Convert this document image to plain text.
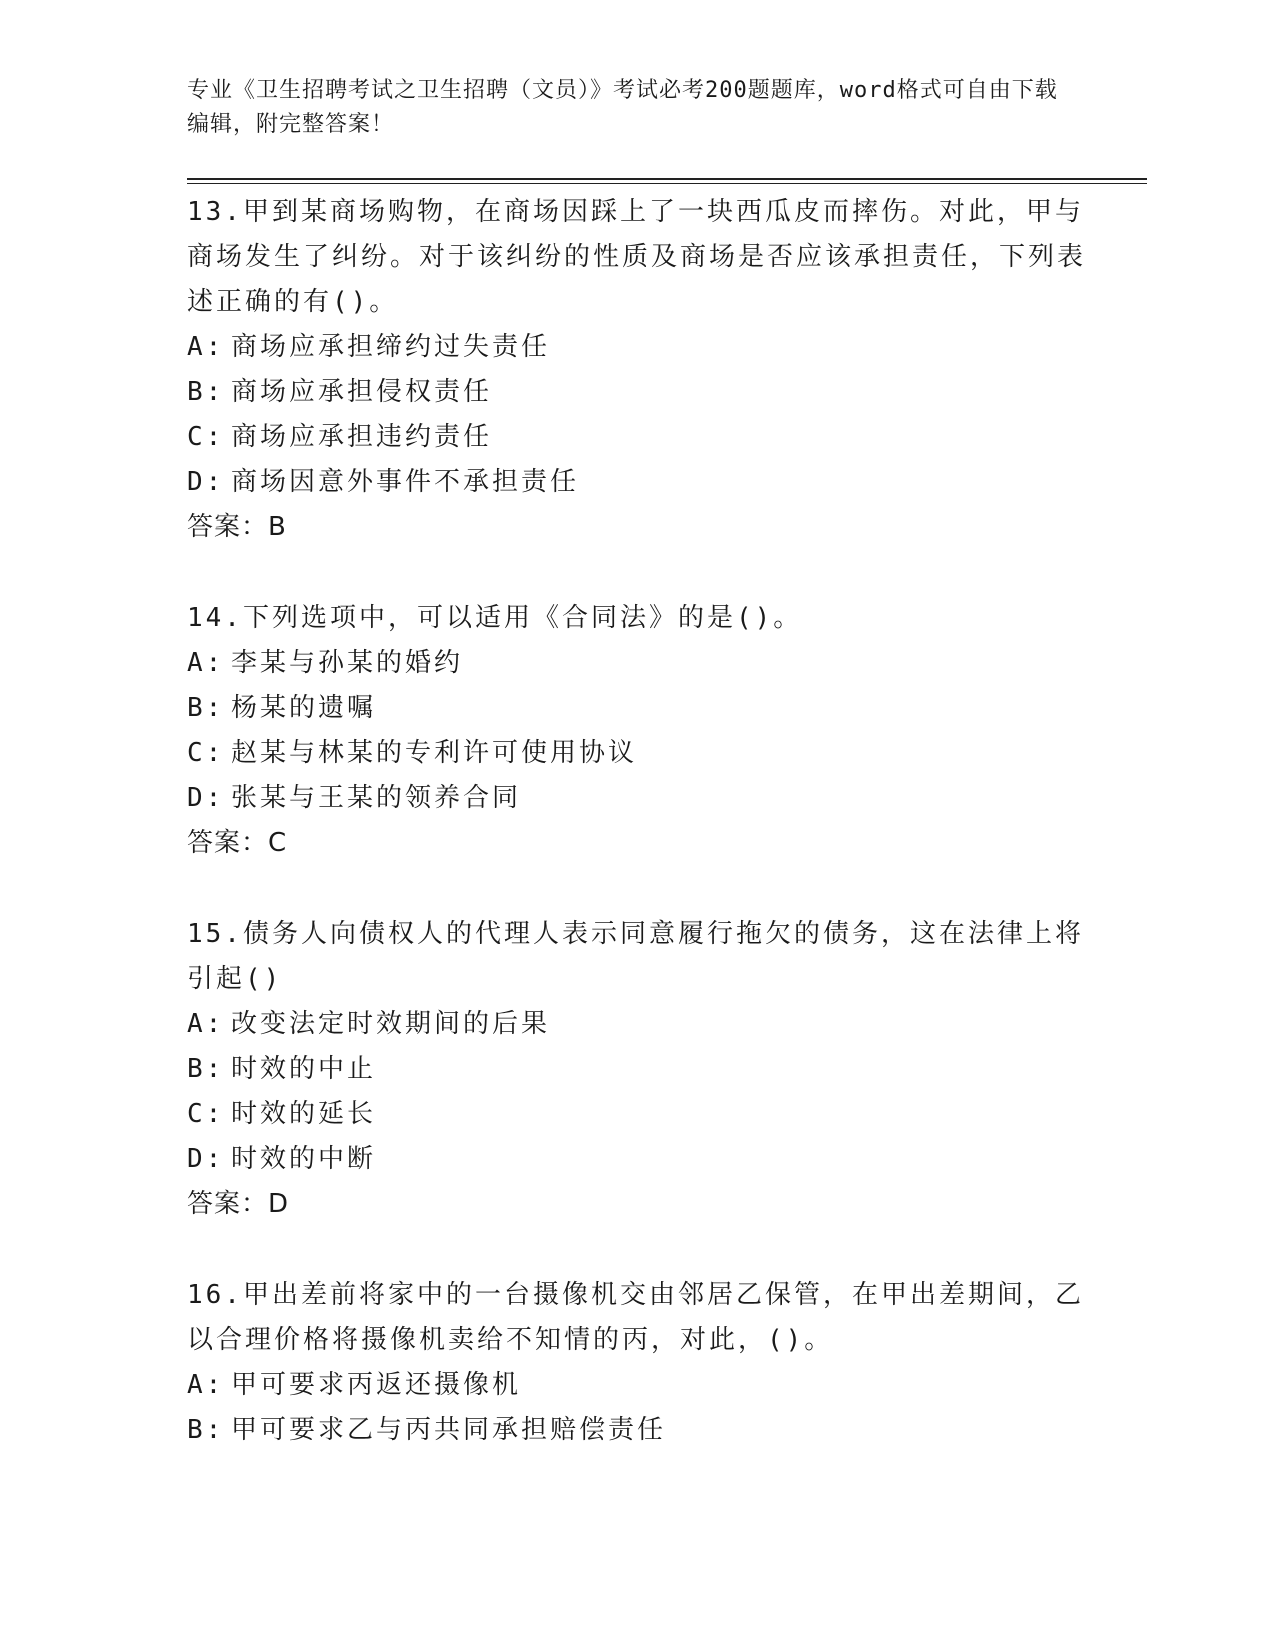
专业《卫生招聘考试之卫生招聘（文员）》考试必考200题题库，word格式可自由下载编辑，附完整答案！
13.甲到某商场购物，在商场因踩上了一块西瓜皮而摔伤。对此，甲与商场发生了纠纷。对于该纠纷的性质及商场是否应该承担责任，下列表述正确的有()。
A: 商场应承担缔约过失责任
B: 商场应承担侵权责任
C: 商场应承担违约责任
D: 商场因意外事件不承担责任
答案：B
14.下列选项中，可以适用《合同法》的是()。
A: 李某与孙某的婚约
B: 杨某的遗嘱
C: 赵某与林某的专利许可使用协议
D: 张某与王某的领养合同
答案：C
15.债务人向债权人的代理人表示同意履行拖欠的债务，这在法律上将引起()
A: 改变法定时效期间的后果
B: 时效的中止
C: 时效的延长
D: 时效的中断
答案：D
16.甲出差前将家中的一台摄像机交由邻居乙保管，在甲出差期间，乙以合理价格将摄像机卖给不知情的丙，对此，()。
A: 甲可要求丙返还摄像机
B: 甲可要求乙与丙共同承担赔偿责任
